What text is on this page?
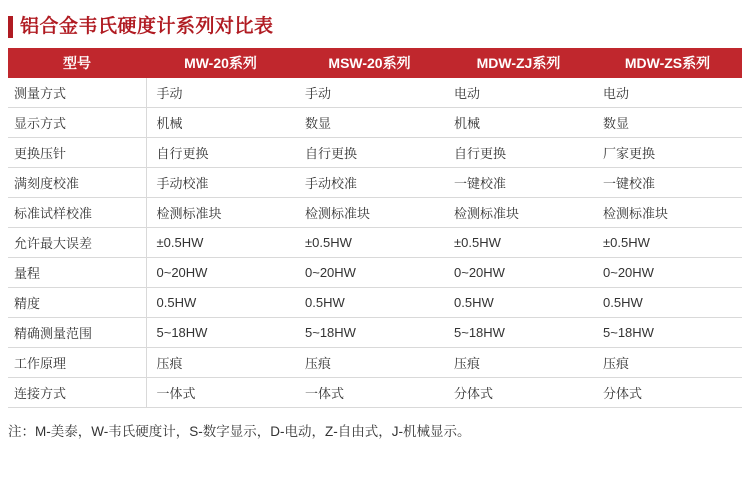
铝合金韦氏硬度计系列对比表
型号	MW-20系列	MSW-20系列	MDW-ZJ系列	MDW-ZS系列
测量方式	手动	手动	电动	电动
显示方式	机械	数显	机械	数显
更换压针	自行更换	自行更换	自行更换	厂家更换
满刻度校准	手动校准	手动校准	一键校准	一键校准
标准试样校准	检测标准块	检测标准块	检测标准块	检测标准块
允许最大误差	±0.5HW	±0.5HW	±0.5HW	±0.5HW
量程	0~20HW	0~20HW	0~20HW	0~20HW
精度	0.5HW	0.5HW	0.5HW	0.5HW
精确测量范围	5~18HW	5~18HW	5~18HW	5~18HW
工作原理	压痕	压痕	压痕	压痕
连接方式	一体式	一体式	分体式	分体式
注：M-美泰，W-韦氏硬度计，S-数字显示，D-电动，Z-自由式，J-机械显示。
